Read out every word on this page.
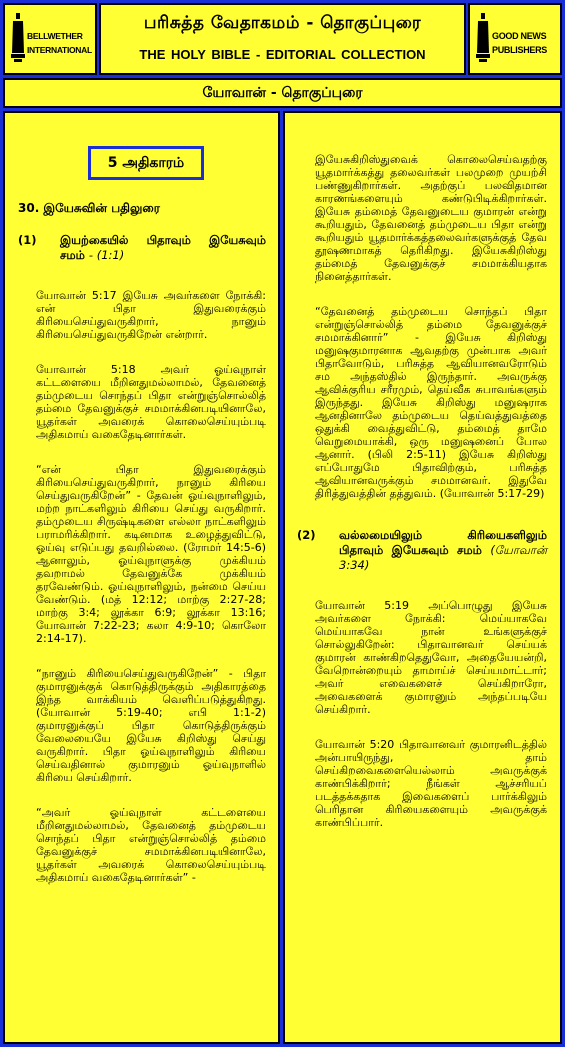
BELLWETHER
INTERNATIONAL
பரிசுத்த வேதாகமம் - தொகுப்புரை
THE HOLY BIBLE - EDITORIAL COLLECTION
GOOD NEWS
PUBLISHERS
யோவான் - தொகுப்புரை
5 அதிகாரம்
30. இயேசுவின் பதிலுரை
(1)	இயற்கையில் பிதாவும் இயேசுவும் சமம் - (1:1)

யோவான் 5:17 இயேசு அவர்களை நோக்கி: என் பிதா இதுவரைக்கும் கிரியைசெய்துவருகிறார், நானும் கிரியைசெய்துவருகிறேன் என்றார்.

யோவான் 5:18 அவர் ஓய்வுநாள் கட்டளையை மீறினதுமல்லாமல், தேவனைத் தம்முடைய சொந்தப் பிதா என்றுஞ்சொல்லித் தம்மை தேவனுக்குச் சமமாக்கினபடியினாலே, யூதர்கள் அவரைக் கொலைசெய்யும்படி அதிகமாய் வகைதேடினார்கள்.

“என் பிதா இதுவரைக்கும் கிரியைசெய்துவருகிறார், நானும் கிரியை செய்துவருகிறேன்” - தேவன் ஓய்வுநாளிலும், மற்ற நாட்களிலும் கிரியை செய்து வருகிறார். தம்முடைய சிருஷ்டிகளை எல்லா நாட்களிலும் பராமரிக்கிறார். கடினமாக உழைத்துவிட்டு, ஓய்வு எடுப்பது தவறில்லை. (ரோமர் 14:5-6) ஆனாலும், ஓய்வுநாளுக்கு முக்கியம் தவறாமல் தேவனுக்கே முக்கியம் தரவேண்டும். ஓய்வுநாளிலும், நன்மை செய்ய வேண்டும். (மத் 12:12; மாற்கு 2:27-28; மாற்கு 3:4; லூக்கா 6:9; லூக்கா 13:16; யோவான் 7:22-23; கலா 4:9-10; கொலோ 2:14-17).

“நானும் கிரியைசெய்துவருகிறேன்” - பிதா குமாரனுக்குக் கொடுத்திருக்கும் அதிகாரத்தை இந்த வாக்கியம் வெளிப்படுத்துகிறது. (யோவான் 5:19-40; எபி 1:1-2) குமாரனுக்குப் பிதா கொடுத்திருக்கும் வேலையையே இயேசு கிறிஸ்து செய்து வருகிறார். பிதா ஓய்வுநாளிலும் கிரியை செய்வதினால் குமாரனும் ஓய்வுநாளில் கிரியை செய்கிறார்.

“அவர் ஓய்வுநாள் கட்டளையை மீறினதுமல்லாமல், தேவனைத் தம்முடைய சொந்தப் பிதா என்றுஞ்சொல்லித் தம்மை தேவனுக்குச் சமமாக்கினபடியினாலே, யூதர்கள் அவரைக் கொலைசெய்யும்படி அதிகமாய் வகைதேடினார்கள்” -

இயேசுகிறிஸ்துவைக் கொலைசெய்வதற்கு யூதமார்க்கத்து தலைவர்கள் பலமுறை முயற்சி பண்ணுகிறார்கள். அதற்குப் பலவிதமான காரணங்களையும் கண்டுபிடிக்கிறார்கள். இயேசு தம்மைத் தேவனுடைய குமாரன் என்று கூறியதும், தேவனைத் தம்முடைய பிதா என்று கூறியதும் யூதமார்க்கத்தலைவர்களுக்குத் தேவ தூஷணமாகத் தெரிகிறது. இயேசுகிறிஸ்து தம்மைத் தேவனுக்குச் சமமாக்கியதாக நினைத்தார்கள்.

“தேவனைத் தம்முடைய சொந்தப் பிதா என்றுஞ்சொல்லித் தம்மை தேவனுக்குச் சமமாக்கினார்” - இயேசு கிறிஸ்து மனுஷகுமாரனாக ஆவதற்கு முன்பாக அவர் பிதாவோடும், பரிசுத்த ஆவியானவரோடும் சம அந்தஸ்தில் இருந்தார். அவருக்கு ஆவிக்குரிய சரீரமும், தெய்வீக சுபாவங்களும் இருந்தது. இயேசு கிறிஸ்து மனுஷராக ஆனதினாலே தம்முடைய தெய்வத்துவத்தை ஒதுக்கி வைத்துவிட்டு, தம்மைத் தாமே வெறுமையாக்கி, ஒரு மனுஷனைப் போல ஆனார். (பிலி 2:5-11) இயேசு கிறிஸ்து எப்போதுமே பிதாவிற்கும், பரிசுத்த ஆவியானவருக்கும் சமமானவர். இதுவே திரித்துவத்தின் தத்துவம். (யோவான் 5:17-29)

(2)	வல்லமையிலும் கிரியைகளிலும் பிதாவும் இயேசுவும் சமம் (யோவான் 3:34)

யோவான் 5:19 அப்பொழுது இயேசு அவர்களை நோக்கி: மெய்யாகவே மெய்யாகவே நான் உங்களுக்குச் சொல்லுகிறேன்: பிதாவானவர் செய்யக் குமாரன் காண்கிறதெதுவோ, அதையேயன்றி, வேறொன்றையும் தாமாய்ச் செய்யமாட்டார்; அவர் எவைகளைச் செய்கிறாரோ, அவைகளைக் குமாரனும் அந்தப்படியே செய்கிறார்.

யோவான் 5:20 பிதாவானவர் குமாரனிடத்தில் அன்பாயிருந்து, தாம் செய்கிறவைகளையெல்லாம் அவருக்குக் காண்பிக்கிறார்; நீங்கள் ஆச்சரியப் படத்தக்கதாக இவைகளைப் பார்க்கிலும் பெரிதான கிரியைகளையும் அவருக்குக் காண்பிப்பார்.
